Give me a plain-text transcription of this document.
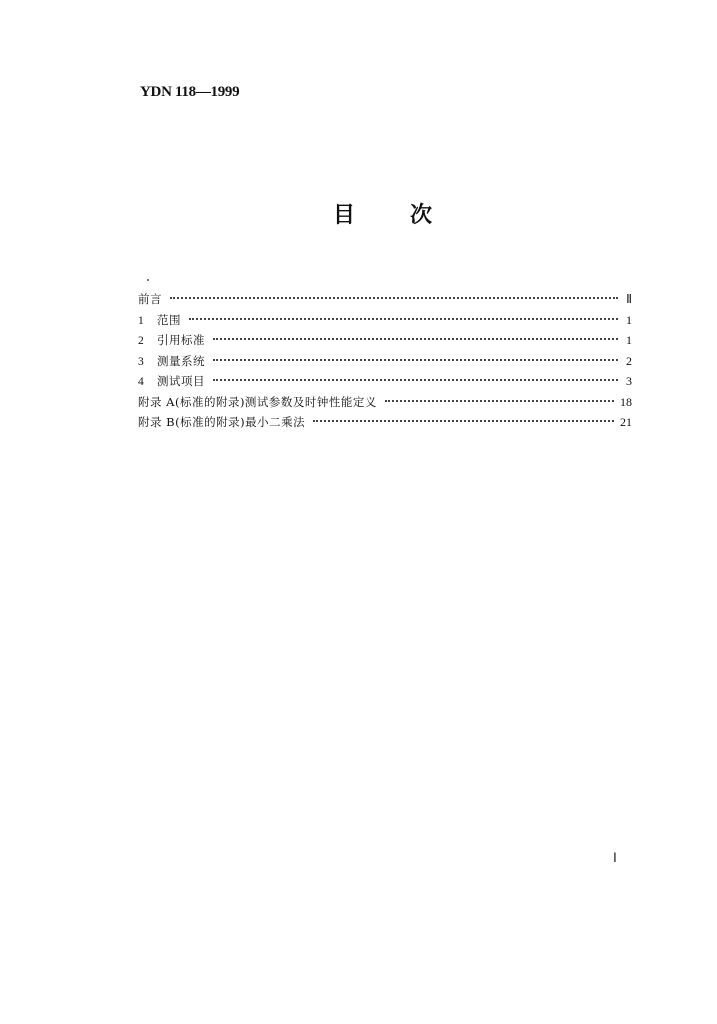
YDN 118—1999
目 次
前言	Ⅱ
1	范围	1
2	引用标准	1
3	测量系统	2
4	测试项目	3
附录 A(标准的附录)测试参数及时钟性能定义	18
附录 B(标准的附录)最小二乘法	21
Ⅰ
